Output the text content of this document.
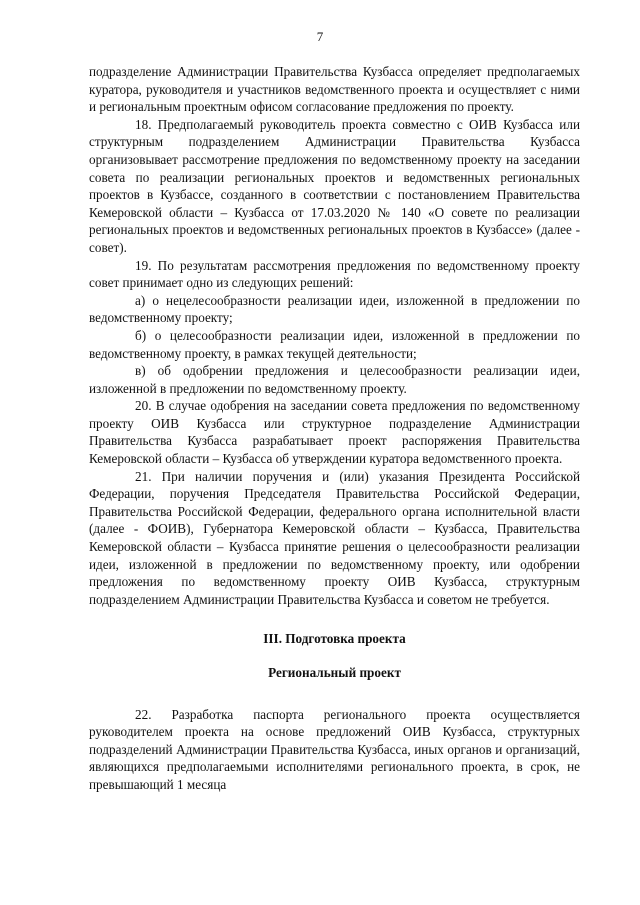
7

подразделение Администрации Правительства Кузбасса определяет предполагаемых куратора, руководителя и участников ведомственного проекта и осуществляет с ними и региональным проектным офисом согласование предложения по проекту.

18. Предполагаемый руководитель проекта совместно с ОИВ Кузбасса или структурным подразделением Администрации Правительства Кузбасса организовывает рассмотрение предложения по ведомственному проекту на заседании совета по реализации региональных проектов и ведомственных региональных проектов в Кузбассе, созданного в соответствии с постановлением Правительства Кемеровской области – Кузбасса от 17.03.2020 № 140 «О совете по реализации региональных проектов и ведомственных региональных проектов в Кузбассе» (далее - совет).

19. По результатам рассмотрения предложения по ведомственному проекту совет принимает одно из следующих решений:

а) о нецелесообразности реализации идеи, изложенной в предложении по ведомственному проекту;

б) о целесообразности реализации идеи, изложенной в предложении по ведомственному проекту, в рамках текущей деятельности;

в) об одобрении предложения и целесообразности реализации идеи, изложенной в предложении по ведомственному проекту.

20. В случае одобрения на заседании совета предложения по ведомственному проекту ОИВ Кузбасса или структурное подразделение Администрации Правительства Кузбасса разрабатывает проект распоряжения Правительства Кемеровской области – Кузбасса об утверждении куратора ведомственного проекта.

21. При наличии поручения и (или) указания Президента Российской Федерации, поручения Председателя Правительства Российской Федерации, Правительства Российской Федерации, федерального органа исполнительной власти (далее - ФОИВ), Губернатора Кемеровской области – Кузбасса, Правительства Кемеровской области – Кузбасса принятие решения о целесообразности реализации идеи, изложенной в предложении по ведомственному проекту, или одобрении предложения по ведомственному проекту ОИВ Кузбасса, структурным подразделением Администрации Правительства Кузбасса и советом не требуется.

III. Подготовка проекта

Региональный проект

22. Разработка паспорта регионального проекта осуществляется руководителем проекта на основе предложений ОИВ Кузбасса, структурных подразделений Администрации Правительства Кузбасса, иных органов и организаций, являющихся предполагаемыми исполнителями регионального проекта, в срок, не превышающий 1 месяца
